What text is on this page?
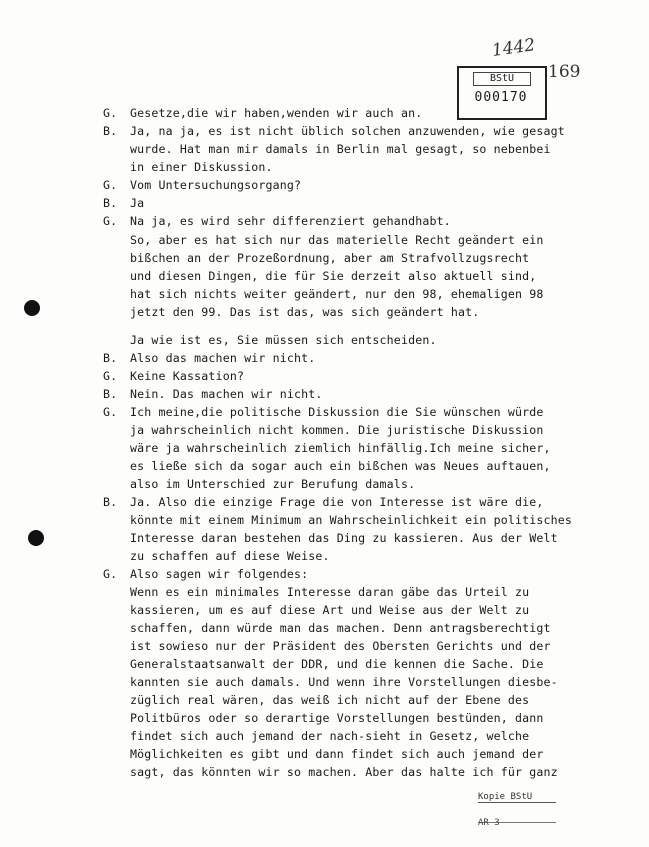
1442
169
BStU
000170
G. Gesetze,die wir haben,wenden wir auch an.
B. Ja, na ja, es ist nicht üblich solchen anzuwenden, wie gesagt
wurde. Hat man mir damals in Berlin mal gesagt, so nebenbei
in einer Diskussion.
G. Vom Untersuchungsorgang?
B. Ja
G. Na ja, es wird sehr differenziert gehandhabt.
So, aber es hat sich nur das materielle Recht geändert ein
bißchen an der Prozeßordnung, aber am Strafvollzugsrecht
und diesen Dingen, die für Sie derzeit also aktuell sind,
hat sich nichts weiter geändert, nur den 98, ehemaligen 98
jetzt den 99. Das ist das, was sich geändert hat.
Ja wie ist es, Sie müssen sich entscheiden.
B. Also das machen wir nicht.
G. Keine Kassation?
B. Nein. Das machen wir nicht.
G. Ich meine,die politische Diskussion die Sie wünschen würde
ja wahrscheinlich nicht kommen. Die juristische Diskussion
wäre ja wahrscheinlich ziemlich hinfällig.Ich meine sicher,
es ließe sich da sogar auch ein bißchen was Neues auftauen,
also im Unterschied zur Berufung damals.
B. Ja. Also die einzige Frage die von Interesse ist wäre die,
könnte mit einem Minimum an Wahrscheinlichkeit ein politisches
Interesse daran bestehen das Ding zu kassieren. Aus der Welt
zu schaffen auf diese Weise.
G. Also sagen wir folgendes:
Wenn es ein minimales Interesse daran gäbe das Urteil zu
kassieren, um es auf diese Art und Weise aus der Welt zu
schaffen, dann würde man das machen. Denn antragsberechtigt
ist sowieso nur der Präsident des Obersten Gerichts und der
Generalstaatsanwalt der DDR, und die kennen die Sache. Die
kannten sie auch damals. Und wenn ihre Vorstellungen diesbe-
züglich real wären, das weiß ich nicht auf der Ebene des
Politbüros oder so derartige Vorstellungen bestünden, dann
findet sich auch jemand der nach-sieht in Gesetz, welche
Möglichkeiten es gibt und dann findet sich auch jemand der
sagt, das könnten wir so machen. Aber das halte ich für ganz
Kopie BStU
AR 3
